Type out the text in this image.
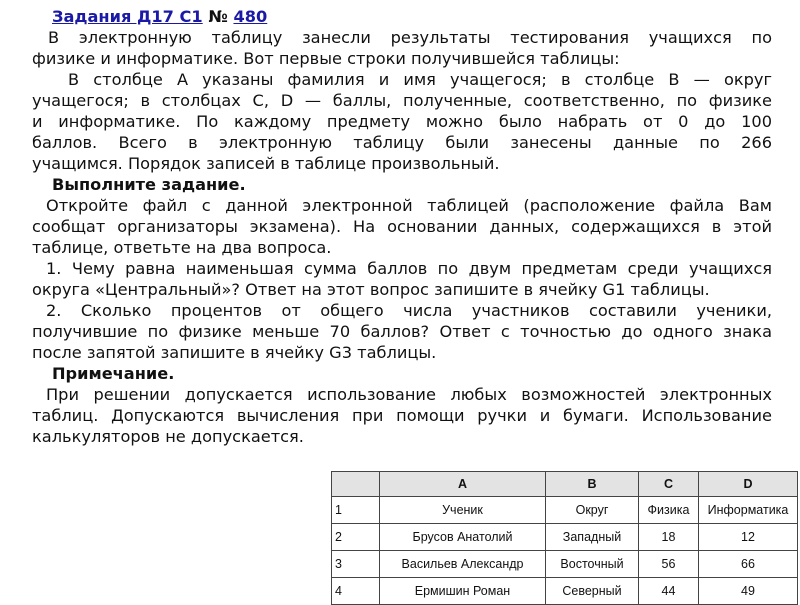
Задания Д17 С1 № 480
В электронную таблицу занесли результаты тестирования учащихся по
физике и информатике. Вот первые строки получившейся таблицы:
В столбце A указаны фамилия и имя учащегося; в столбце B — округ
учащегося; в столбцах C, D — баллы, полученные, соответственно, по физике
и информатике. По каждому предмету можно было набрать от 0 до 100
баллов. Всего в электронную таблицу были занесены данные по 266
учащимся. Порядок записей в таблице произвольный.
Выполните задание.
Откройте файл с данной электронной таблицей (расположение файла Вам
сообщат организаторы экзамена). На основании данных, содержащихся в этой
таблице, ответьте на два вопроса.
1. Чему равна наименьшая сумма баллов по двум предметам среди учащихся
округа «Центральный»? Ответ на этот вопрос запишите в ячейку G1 таблицы.
2. Сколько процентов от общего числа участников составили ученики,
получившие по физике меньше 70 баллов? Ответ с точностью до одного знака
после запятой запишите в ячейку G3 таблицы.
Примечание.
При решении допускается использование любых возможностей электронных
таблиц. Допускаются вычисления при помощи ручки и бумаги. Использование
калькуляторов не допускается.
	A	B	C	D
1	Ученик	Округ	Физика	Информатика
2	Брусов Анатолий	Западный	18	12
3	Васильев Александр	Восточный	56	66
4	Ермишин Роман	Северный	44	49
